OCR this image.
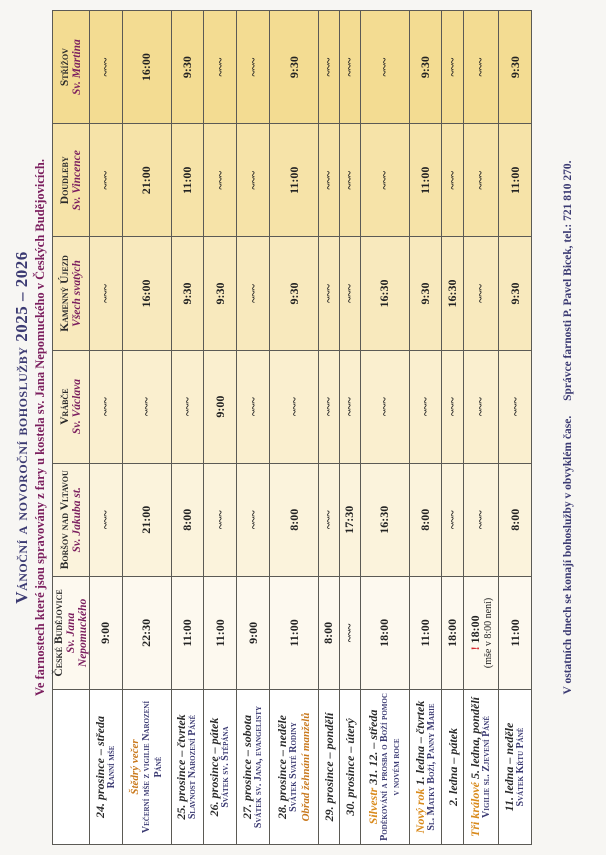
Vánoční a novoroční bohoslužby 2025 – 2026 Ve farnostech které jsou spravovány z fary u kostela sv. Jana Nepomuckého v Českých Budějovicích.

	České Budějovice Sv. Jana Nepomuckého	Boršov nad Vltavou Sv. Jakuba st.	Vrábče Sv. Václava	Kamenný Újezd Všech svatých	Doudleby Sv. Vincence	Střížov Sv. Martina

24. prosince – středa Ranní mše	9:00	~~~	~~~	~~~	~~~	~~~

Štědrý večer Večerní mše z vigilie Narození Páně	22:30	21:00	~~~	16:00	21:00	16:00

25. prosince – čtvrtek Slavnost Narození Páně	11:00	8:00	~~~	9:30	11:00	9:30

26. prosince – pátek Svátek sv. Štěpána	11:00	~~~	9:00	9:30	~~~	~~~

27. prosince – sobota Svátek sv. Jana, evangelisty	9:00	~~~	~~~	~~~	~~~	~~~

28. prosince – neděle Svátek Svaté Rodiny Obřad žehnání manželů	11:00	8:00	~~~	9:30	11:00	9:30

29. prosince – pondělí	8:00	~~~	~~~	~~~	~~~	~~~

30. prosince – úterý	~~~	17:30	~~~	~~~	~~~	~~~

Silvestr 31. 12. – středa Poděkování a prosba o Boží pomoc v novém roce	18:00	16:30	~~~	16:30	~~~	~~~

Nový rok 1. ledna – čtvrtek Sl. Matky Boží, Panny Marie	11:00	8:00	~~~	9:30	11:00	9:30

2. ledna – pátek	18:00	~~~	~~~	16:30	~~~	~~~

Tři králové 5. ledna, pondělí Vigilie sl. Zjevení Páně	! 18:00 (mše v 8:00 není)	~~~	~~~	~~~	~~~	~~~

11. ledna – neděle Svátek Křtu Páně	11:00	8:00	~~~	9:30	11:00	9:30
V ostatních dnech se konají bohoslužby v obvyklém čase. Správce farnosti P. Pavel Bicek, tel.: 721 810 270.
